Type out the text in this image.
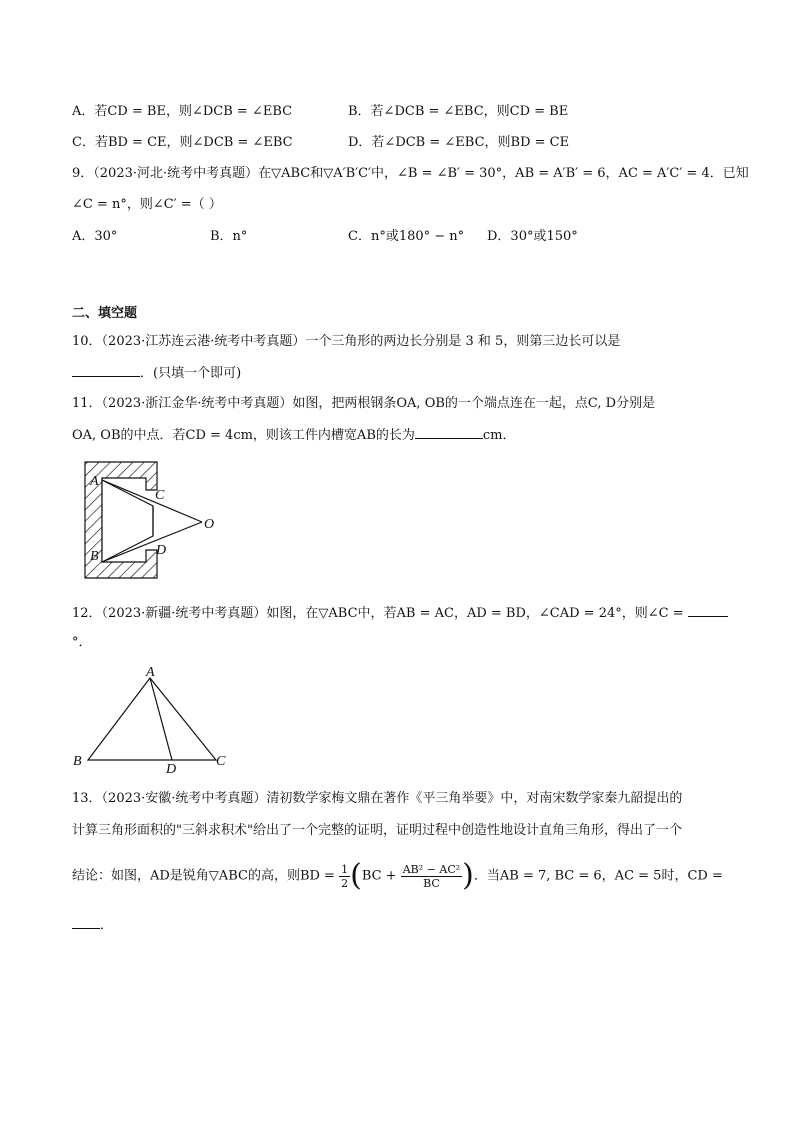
A．若CD = BE，则∠DCB = ∠EBC	B．若∠DCB = ∠EBC，则CD = BE
C．若BD = CE，则∠DCB = ∠EBC	D．若∠DCB = ∠EBC，则BD = CE
9．（2023·河北·统考中考真题）在▽ABC和▽A′B′C′中，∠B = ∠B′ = 30°，AB = A′B′ = 6，AC = A′C′ = 4．已知
∠C = n°，则∠C′ =（ ）
A．30°	B．n°	C．n°或180° − n° D．30°或150°
二、填空题
10．（2023·江苏连云港·统考中考真题）一个三角形的两边长分别是 3 和 5，则第三边长可以是
．(只填一个即可)
11．（2023·浙江金华·统考中考真题）如图，把两根钢条OA, OB的一个端点连在一起，点C, D分别是
OA, OB的中点．若CD = 4cm，则该工件内槽宽AB的长为	cm．
A
B
C
D
O
12．（2023·新疆·统考中考真题）如图，在▽ABC中，若AB = AC，AD = BD，∠CAD = 24°，则∠C =
°．
A
B	C
D
13．（2023·安徽·统考中考真题）清初数学家梅文鼎在著作《平三角举要》中，对南宋数学家秦九韶提出的
计算三角形面积的"三斜求积术"给出了一个完整的证明，证明过程中创造性地设计直角三角形，得出了一个
结论：如图，AD是锐角▽ABC的高，则BD = $\frac{1}{2} (BC + \frac{\text{AB² − AC²}}{BC}$ )．当AB = 7, BC = 6，AC = 5时，CD =
．
